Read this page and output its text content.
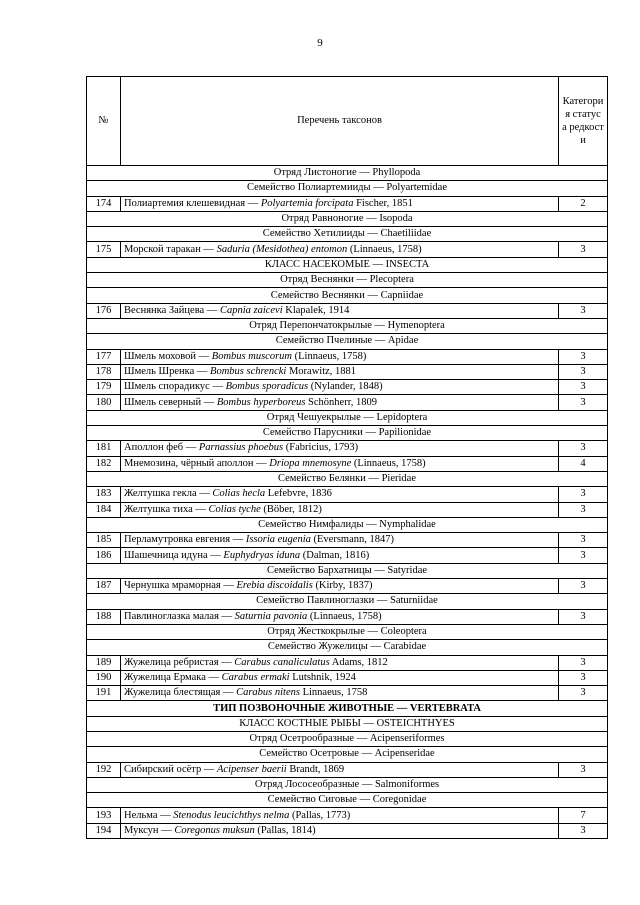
9
№	Перечень таксонов	Категория статус а редкости
Отряд Листоногие — Phyllopoda		
Семейство Полиартемииды — Polyartemidae		
174	Полиартемия клешевидная — Polyartemia forcipata Fischer, 1851	2
Отряд Равноногие — Isopoda		
Семейство Хетилииды — Chaetiliidae		
175	Морской таракан — Saduria (Mesidothea) entomon (Linnaeus, 1758)	3
КЛАСС НАСЕКОМЫЕ — INSECTA		
Отряд Веснянки — Plecoptera		
Семейство Веснянки — Capniidae		
176	Веснянка Зайцева — Capnia zaicevi Klapalek, 1914	3
Отряд Перепончатокрылые — Hymenoptera		
Семейство Пчелиные — Apidae		
177	Шмель моховой — Bombus muscorum (Linnaeus, 1758)	3
178	Шмель Шренка — Bombus schrencki Morawitz, 1881	3
179	Шмель спорадикус — Bombus sporadicus (Nylander, 1848)	3
180	Шмель северный — Bombus hyperboreus Schönherr, 1809	3
Отряд Чешуекрылые — Lepidoptera		
Семейство Парусники — Papilionidae		
181	Аполлон феб — Parnassius phoebus (Fabricius, 1793)	3
182	Мнемозина, чёрный аполлон — Driopa mnemosyne (Linnaeus, 1758)	4
Семейство Белянки — Pieridae		
183	Желтушка гекла — Colias hecla Lefebvre, 1836	3
184	Желтушка тиха — Colias tyche (Böber, 1812)	3
Семейство Нимфалиды — Nymphalidae		
185	Перламутровка евгения — Issoria eugenia (Eversmann, 1847)	3
186	Шашечница идуна — Euphydryas iduna (Dalman, 1816)	3
Семейство Бархатницы — Satyridae		
187	Чернушка мраморная — Erebia discoidalis (Kirby, 1837)	3
Семейство Павлиноглазки — Saturniidae		
188	Павлиноглазка малая — Saturnia pavonia (Linnaeus, 1758)	3
Отряд Жесткокрылые — Coleoptera		
Семейство Жужелицы — Carabidae		
189	Жужелица ребристая — Carabus canaliculatus Adams, 1812	3
190	Жужелица Ермака — Carabus ermaki Lutshnik, 1924	3
191	Жужелица блестящая — Carabus nitens Linnaeus, 1758	3
ТИП ПОЗВОНОЧНЫЕ ЖИВОТНЫЕ — VERTEBRATA		
КЛАСС КОСТНЫЕ РЫБЫ — OSTEICHTHYES		
Отряд Осетрообразные — Acipenseriformes		
Семейство Осетровые — Acipenseridae		
192	Сибирский осётр — Acipenser baerii Brandt, 1869	3
Отряд Лососеобразные — Salmoniformes		
Семейство Сиговые — Coregonidae		
193	Нельма — Stenodus leucichthys nelma (Pallas, 1773)	7
194	Муксун — Coregonus muksun (Pallas, 1814)	3
